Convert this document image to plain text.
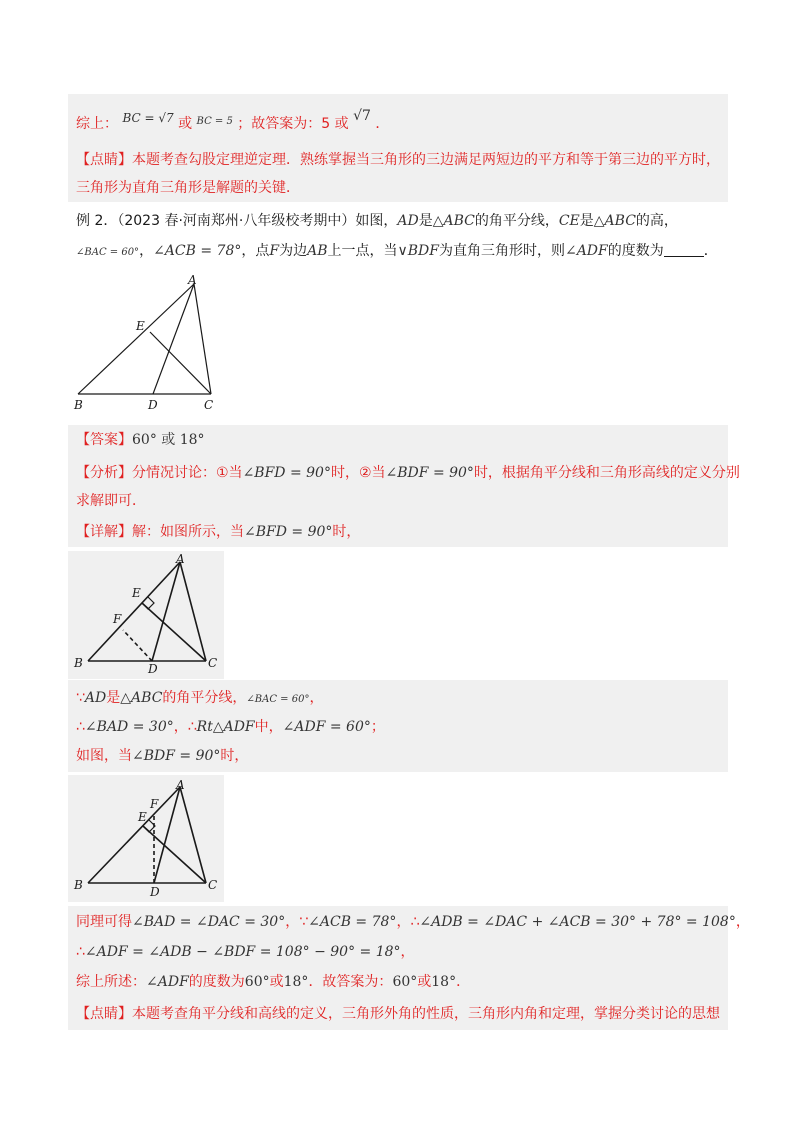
综上： BC = √7 或 $^{BC = 5}$ ；故答案为：5 或 √7 ．
【点睛】本题考查勾股定理逆定理．熟练掌握当三角形的三边满足两短边的平方和等于第三边的平方时，
三角形为直角三角形是解题的关键．
例 2．（2023 春·河南郑州·八年级校考期中）如图，AD是△ABC的角平分线，CE是△ABC的高，
∠BAC = 60°，∠ACB = 78°，点F为边AB上一点，当∨BDF为直角三角形时，则∠ADF的度数为	．
A
B	C
D
E
【答案】60° 或 18°
【分析】分情况讨论：①当∠BFD = 90°时，②当∠BDF = 90°时，根据角平分线和三角形高线的定义分别
求解即可．
【详解】解：如图所示，当∠BFD = 90°时，
A
B	C
D
E
F
∵AD是△ABC的角平分线，∠BAC = 60°，
∴∠BAD = 30°，∴Rt△ADF中，∠ADF = 60°；
如图，当∠BDF = 90°时，
A
B	C
D
E
F
同理可得∠BAD = ∠DAC = 30°，∵∠ACB = 78°，∴∠ADB = ∠DAC + ∠ACB = 30° + 78° = 108°，
∴∠ADF = ∠ADB − ∠BDF = 108° − 90° = 18°，
综上所述：∠ADF的度数为60°或18°．故答案为：60°或18°．
【点睛】本题考查角平分线和高线的定义，三角形外角的性质，三角形内角和定理，掌握分类讨论的思想
